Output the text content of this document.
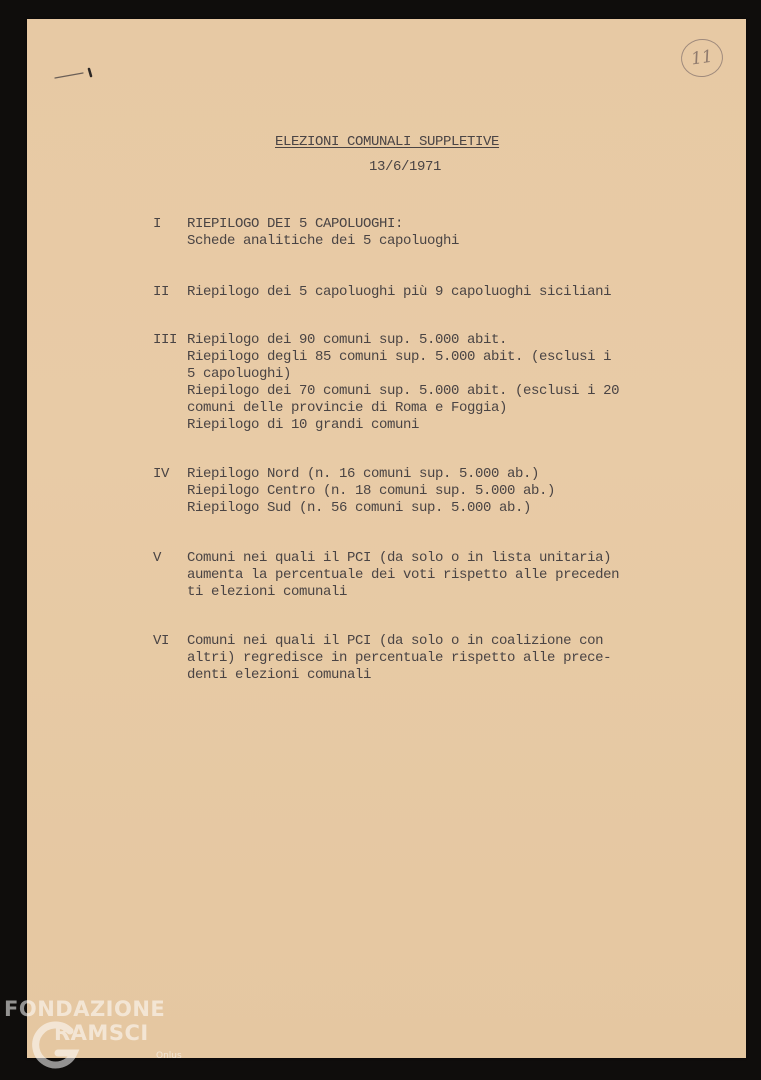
11
ELEZIONI COMUNALI SUPPLETIVE
13/6/1971
I RIEPILOGO DEI 5 CAPOLUOGHI:
Schede analitiche dei 5 capoluoghi
II Riepilogo dei 5 capoluoghi più 9 capoluoghi siciliani
III Riepilogo dei 90 comuni sup. 5.000 abit.
Riepilogo degli 85 comuni sup. 5.000 abit. (esclusi i
5 capoluoghi)
Riepilogo dei 70 comuni sup. 5.000 abit. (esclusi i 20
comuni delle provincie di Roma e Foggia)
Riepilogo di 10 grandi comuni
IV Riepilogo Nord (n. 16 comuni sup. 5.000 ab.)
Riepilogo Centro (n. 18 comuni sup. 5.000 ab.)
Riepilogo Sud (n. 56 comuni sup. 5.000 ab.)
V Comuni nei quali il PCI (da solo o in lista unitaria)
aumenta la percentuale dei voti rispetto alle preceden
ti elezioni comunali
VI Comuni nei quali il PCI (da solo o in coalizione con
altri) regredisce in percentuale rispetto alle prece-
denti elezioni comunali
FONDAZIONE
RAMSCI
Onlus
